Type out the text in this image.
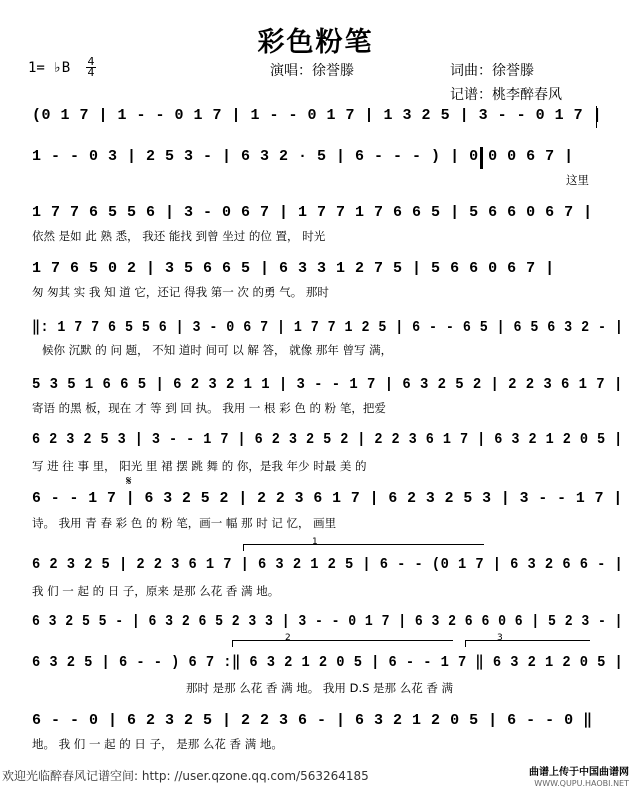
彩色粉笔
1= ♭B 4
4	演唱：徐誉滕	词曲：徐誉滕
记谱：桃李醉春风
(0 1 7 | 1 - - 0 1 7 | 1 - - 0 1 7 | 1 3 2 5 | 3 - - 0 1 7 |
1 - - 0 3 | 2 5 3 - | 6 3 2 · 5 | 6 - - - ) | 0 0 0 6 7 |
这里
1 7 7 6 5 5 6 | 3 - 0 6 7 | 1 7 7 1 7 6 6 5 | 5 6 6 0 6 7 |
依然 是如 此 熟 悉， 我还 能找 到曾 坐过 的位 置， 时光
1 7 6 5 0 2 | 3 5 6 6 5 | 6 3 3 1 2 7 5 | 5 6 6 0 6 7 |
匆 匆其 实 我 知 道 它，还记 得我 第一 次 的勇 气。 那时
‖: 1 7 7 6 5 5 6 | 3 - 0 6 7 | 1 7 7 1 2 5 | 6 - - 6 5 | 6 5 6 3 2 - |
候你 沉默 的 问 题， 不知 道时 间可 以 解 答， 就像 那年 曾写 满，
5 3 5 1 6 6 5 | 6 2 3 2 1 1 | 3 - - 1 7 | 6 3 2 5 2 | 2 2 3 6 1 7 |
寄语 的黑 板，现在 才 等 到 回 执。 我用 一 根 彩 色 的 粉 笔，把爱
6 2 3 2 5 3 | 3 - - 1 7 | 6 2 3 2 5 2 | 2 2 3 6 1 7 | 6 3 2 1 2 0 5 |
写 进 往 事 里， 阳光 里 裙 摆 跳 舞 的 你，是我 年少 时最 美 的
𝄋
6 - - 1 7 | 6 3 2 5 2 | 2 2 3 6 1 7 | 6 2 3 2 5 3 | 3 - - 1 7 |
诗。 我用 青 春 彩 色 的 粉 笔，画一 幅 那 时 记 忆， 画里
1
6 2 3 2 5 | 2 2 3 6 1 7 | 6 3 2 1 2 5 | 6 - - (0 1 7 | 6 3 2 6 6 - |
我 们 一 起 的 日 子，原来 是那 么花 香 满 地。
6 3 2 5 5 - | 6 3 2 6 5 2 3 3 | 3 - - 0 1 7 | 6 3 2 6 6 0 6 | 5 2 3 - |
2	3
6 3 2 5 | 6 - - ) 6 7 :‖ 6 3 2 1 2 0 5 | 6 - - 1 7 ‖ 6 3 2 1 2 0 5 |
那时 是那 么花 香 满 地。 我用 D.S 是那 么花 香 满
6 - - 0 | 6 2 3 2 5 | 2 2 3 6 - | 6 3 2 1 2 0 5 | 6 - - 0 ‖
地。 我 们 一 起 的 日 子， 是那 么花 香 满 地。
欢迎光临醉春风记谱空间: http: //user.qzone.qq.com/563264185	曲谱上传于中国曲谱网
WWW.QUPU.HAOBI.NET
